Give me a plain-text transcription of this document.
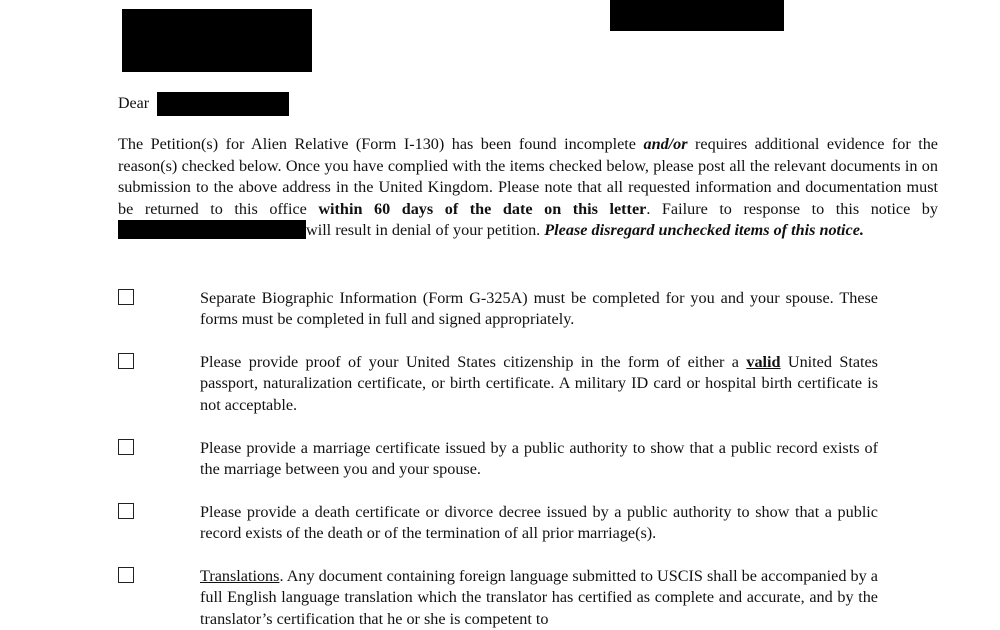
Dear
The Petition(s) for Alien Relative (Form I-130) has been found incomplete and/or requires additional evidence for the reason(s) checked below. Once you have complied with the items checked below, please post all the relevant documents in on submission to the above address in the United Kingdom. Please note that all requested information and documentation must be returned to this office within 60 days of the date on this letter. Failure to response to this notice by will result in denial of your petition. Please disregard unchecked items of this notice.
Separate Biographic Information (Form G-325A) must be completed for you and your spouse. These forms must be completed in full and signed appropriately.
Please provide proof of your United States citizenship in the form of either a valid United States passport, naturalization certificate, or birth certificate. A military ID card or hospital birth certificate is not acceptable.
Please provide a marriage certificate issued by a public authority to show that a public record exists of the marriage between you and your spouse.
Please provide a death certificate or divorce decree issued by a public authority to show that a public record exists of the death or of the termination of all prior marriage(s).
Translations. Any document containing foreign language submitted to USCIS shall be accompanied by a full English language translation which the translator has certified as complete and accurate, and by the translator’s certification that he or she is competent to
